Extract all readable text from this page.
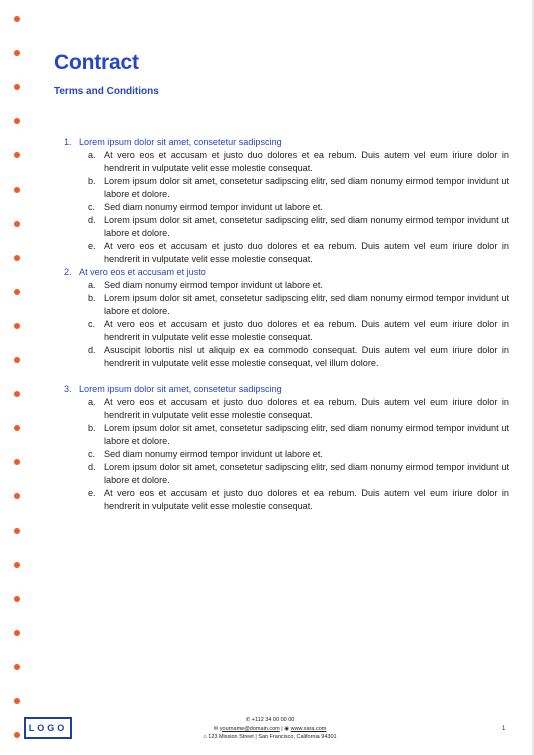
Contract
Terms and Conditions
1. Lorem ipsum dolor sit amet, consetetur sadipscing
a. At vero eos et accusam et justo duo dolores et ea rebum. Duis autem vel eum iriure dolor in hendrerit in vulputate velit esse molestie consequat.
b. Lorem ipsum dolor sit amet, consetetur sadipscing elitr, sed diam nonumy eirmod tempor invidunt ut labore et dolore.
c. Sed diam nonumy eirmod tempor invidunt ut labore et.
d. Lorem ipsum dolor sit amet, consetetur sadipscing elitr, sed diam nonumy eirmod tempor invidunt ut labore et dolore.
e. At vero eos et accusam et justo duo dolores et ea rebum. Duis autem vel eum iriure dolor in hendrerit in vulputate velit esse molestie consequat.
2. At vero eos et accusam et justo
a. Sed diam nonumy eirmod tempor invidunt ut labore et.
b. Lorem ipsum dolor sit amet, consetetur sadipscing elitr, sed diam nonumy eirmod tempor invidunt ut labore et dolore.
c. At vero eos et accusam et justo duo dolores et ea rebum. Duis autem vel eum iriure dolor in hendrerit in vulputate velit esse molestie consequat.
d. Asuscipit lobortis nisl ut aliquip ex ea commodo consequat. Duis autem vel eum iriure dolor in hendrerit in vulputate velit esse molestie consequat, vel illum dolore.
3. Lorem ipsum dolor sit amet, consetetur sadipscing
a. At vero eos et accusam et justo duo dolores et ea rebum. Duis autem vel eum iriure dolor in hendrerit in vulputate velit esse molestie consequat.
b. Lorem ipsum dolor sit amet, consetetur sadipscing elitr, sed diam nonumy eirmod tempor invidunt ut labore et dolore.
c. Sed diam nonumy eirmod tempor invidunt ut labore et.
d. Lorem ipsum dolor sit amet, consetetur sadipscing elitr, sed diam nonumy eirmod tempor invidunt ut labore et dolore.
e. At vero eos et accusam et justo duo dolores et ea rebum. Duis autem vel eum iriure dolor in hendrerit in vulputate velit esse molestie consequat.
LOGO
✆ +112 34 00 00 00
✉ yourname@domain.com | ◉ www.xara.com
⌂ 123 Mission Street | San Francisco, California 94301
1
